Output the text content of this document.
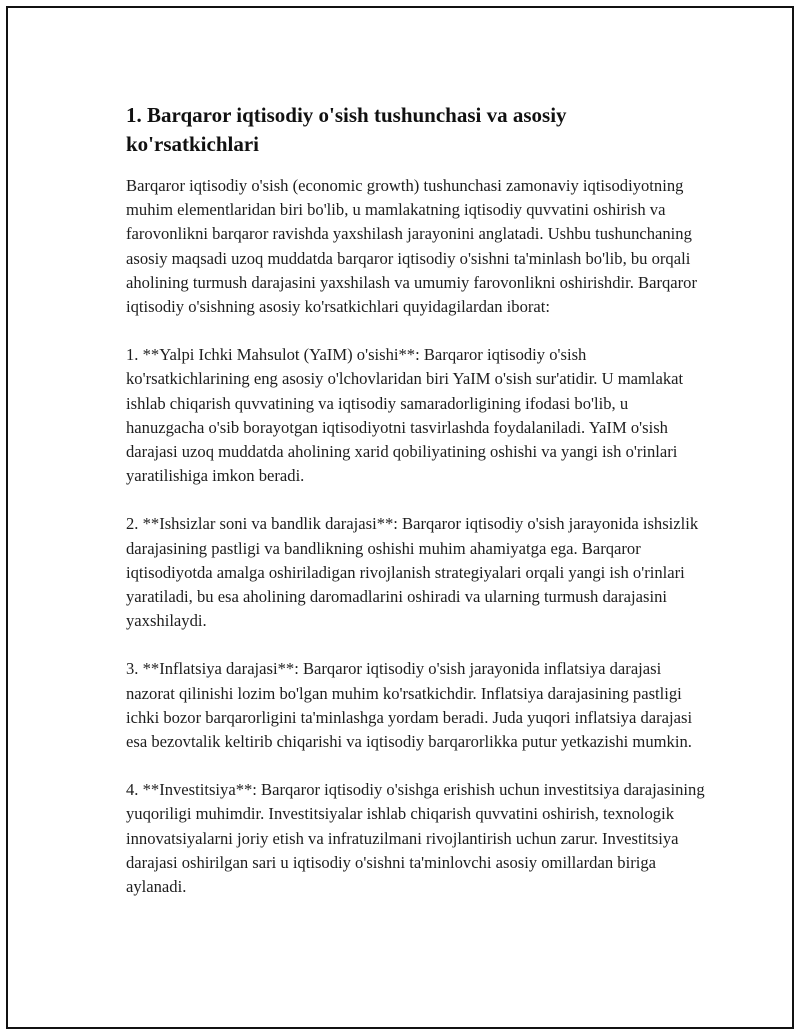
1. Barqaror iqtisodiy o'sish tushunchasi va asosiy
ko'rsatkichlari

Barqaror iqtisodiy o'sish (economic growth) tushunchasi zamonaviy iqtisodiyotning muhim elementlaridan biri bo'lib, u mamlakatning iqtisodiy quvvatini oshirish va farovonlikni barqaror ravishda yaxshilash jarayonini anglatadi. Ushbu tushunchaning asosiy maqsadi uzoq muddatda barqaror iqtisodiy o'sishni ta'minlash bo'lib, bu orqali aholining turmush darajasini yaxshilash va umumiy farovonlikni oshirishdir. Barqaror iqtisodiy o'sishning asosiy ko'rsatkichlari quyidagilardan iborat:

1. **Yalpi Ichki Mahsulot (YaIM) o'sishi**: Barqaror iqtisodiy o'sish ko'rsatkichlarining eng asosiy o'lchovlaridan biri YaIM o'sish sur'atidir. U mamlakat ishlab chiqarish quvvatining va iqtisodiy samaradorligining ifodasi bo'lib, u hanuzgacha o'sib borayotgan iqtisodiyotni tasvirlashda foydalaniladi. YaIM o'sish darajasi uzoq muddatda aholining xarid qobiliyatining oshishi va yangi ish o'rinlari yaratilishiga imkon beradi.

2. **Ishsizlar soni va bandlik darajasi**: Barqaror iqtisodiy o'sish jarayonida ishsizlik darajasining pastligi va bandlikning oshishi muhim ahamiyatga ega. Barqaror iqtisodiyotda amalga oshiriladigan rivojlanish strategiyalari orqali yangi ish o'rinlari yaratiladi, bu esa aholining daromadlarini oshiradi va ularning turmush darajasini yaxshilaydi.

3. **Inflatsiya darajasi**: Barqaror iqtisodiy o'sish jarayonida inflatsiya darajasi nazorat qilinishi lozim bo'lgan muhim ko'rsatkichdir. Inflatsiya darajasining pastligi ichki bozor barqarorligini ta'minlashga yordam beradi. Juda yuqori inflatsiya darajasi esa bezovtalik keltirib chiqarishi va iqtisodiy barqarorlikka putur yetkazishi mumkin.

4. **Investitsiya**: Barqaror iqtisodiy o'sishga erishish uchun investitsiya darajasining yuqoriligi muhimdir. Investitsiyalar ishlab chiqarish quvvatini oshirish, texnologik innovatsiyalarni joriy etish va infratuzilmani rivojlantirish uchun zarur. Investitsiya darajasi oshirilgan sari u iqtisodiy o'sishni ta'minlovchi asosiy omillardan biriga aylanadi.
